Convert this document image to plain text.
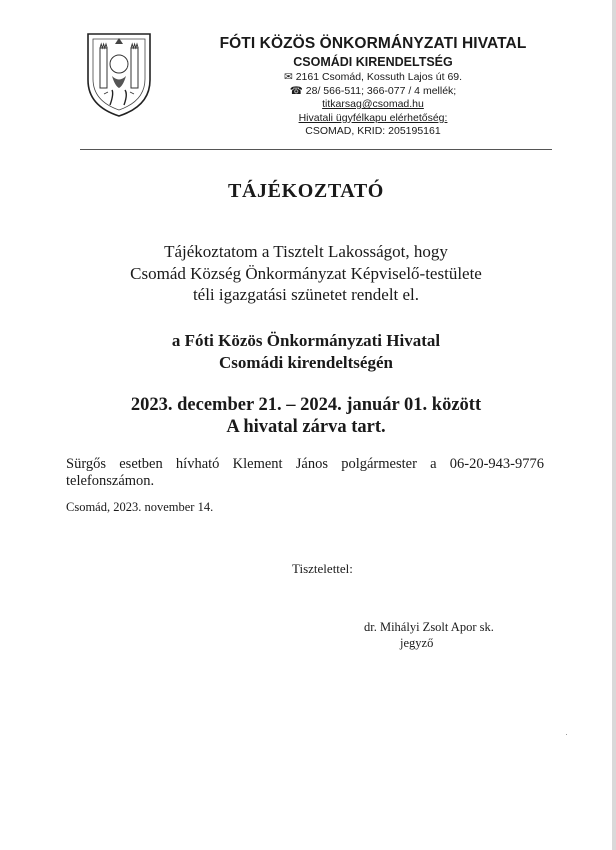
FÓTI KÖZÖS ÖNKORMÁNYZATI HIVATAL
CSOMÁDI KIRENDELTSÉG
✉ 2161 Csomád, Kossuth Lajos út 69.
☎ 28/ 566-511; 366-077 / 4 mellék;
titkarsag@csomad.hu
Hivatali ügyfélkapu elérhetőség:
CSOMAD, KRID: 205195161
TÁJÉKOZTATÓ
Tájékoztatom a Tisztelt Lakosságot, hogy
Csomád Község Önkormányzat Képviselő-testülete
téli igazgatási szünetet rendelt el.
a Fóti Közös Önkormányzati Hivatal
Csomádi kirendeltségén
2023. december 21. – 2024. január 01. között
A hivatal zárva tart.
Sürgős esetben hívható Klement János polgármester a 06-20-943-9776 telefonszámon.
Csomád, 2023. november 14.
Tisztelettel:
dr. Mihályi Zsolt Apor sk.
jegyző
